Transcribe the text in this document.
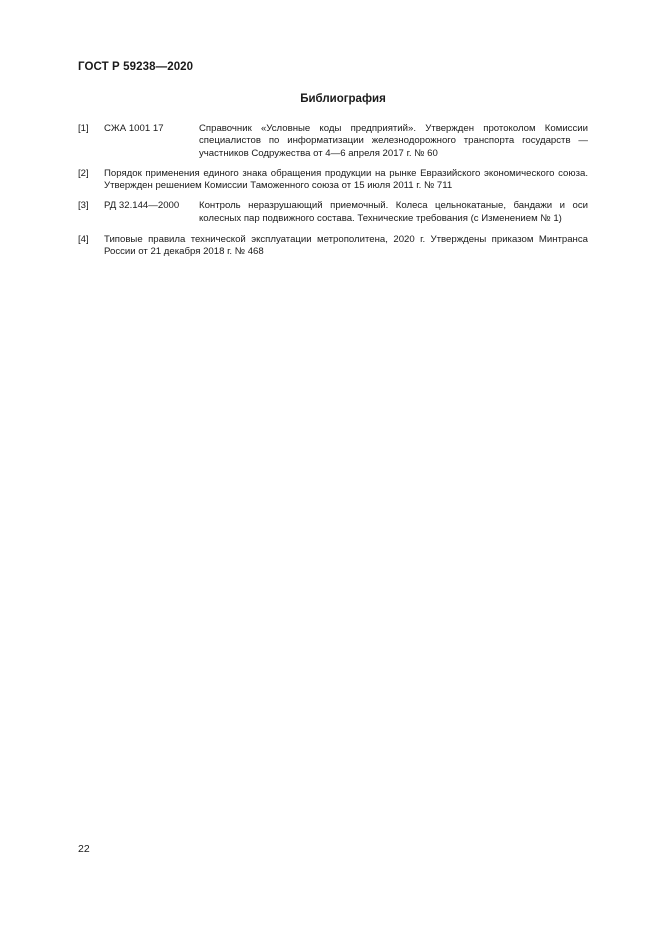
ГОСТ Р 59238—2020
Библиография
[1] СЖА 1001 17	Справочник «Условные коды предприятий». Утвержден протоколом Комиссии специалистов по информатизации железнодорожного транспорта государств — участников Содружества от 4—6 апреля 2017 г. № 60
[2] Порядок применения единого знака обращения продукции на рынке Евразийского экономического союза. Утвержден решением Комиссии Таможенного союза от 15 июля 2011 г. № 711
[3] РД 32.144—2000 Контроль неразрушающий приемочный. Колеса цельнокатаные, бандажи и оси колесных пар подвижного состава. Технические требования (с Изменением № 1)
[4] Типовые правила технической эксплуатации метрополитена, 2020 г. Утверждены приказом Минтранса России от 21 декабря 2018 г. № 468
22
